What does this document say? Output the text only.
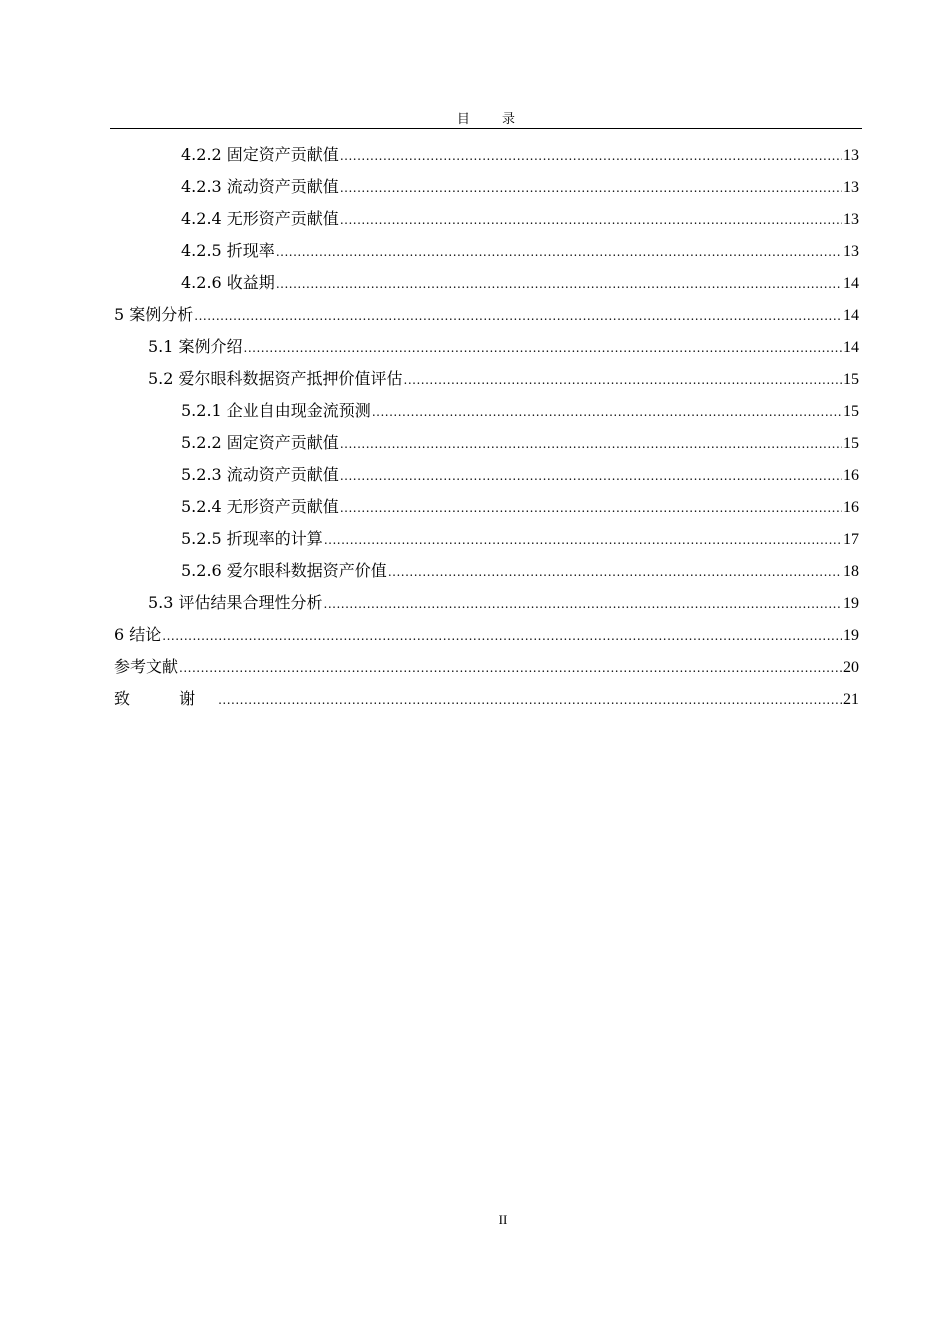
目 录
4.2.2 固定资产贡献值 .....	13
4.2.3 流动资产贡献值 .....	13
4.2.4 无形资产贡献值 .....	13
4.2.5 折现率 .....	13
4.2.6 收益期 .....	14
5 案例分析 .....	14
5.1 案例介绍 .....	14
5.2 爱尔眼科数据资产抵押价值评估 .....	15
5.2.1 企业自由现金流预测 .....	15
5.2.2 固定资产贡献值 .....	15
5.2.3 流动资产贡献值 .....	16
5.2.4 无形资产贡献值 .....	16
5.2.5 折现率的计算 .....	17
5.2.6 爱尔眼科数据资产价值 .....	18
5.3 评估结果合理性分析 .....	19
6 结论 .....	19
参考文献 .....	20
致 谢 .....	21
II
